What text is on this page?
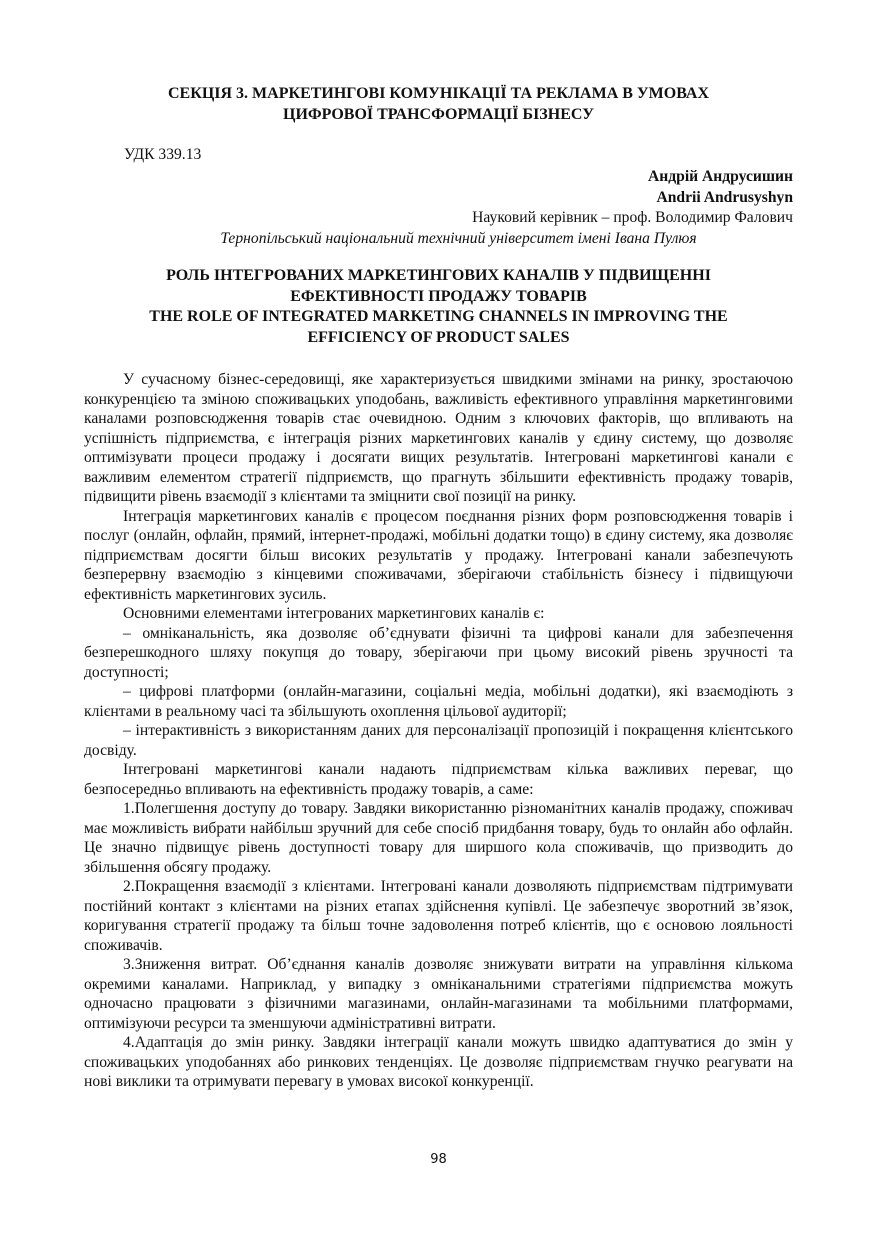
СЕКЦІЯ 3. МАРКЕТИНГОВІ КОМУНІКАЦІЇ ТА РЕКЛАМА В УМОВАХ
ЦИФРОВОЇ ТРАНСФОРМАЦІЇ БІЗНЕСУ
УДК 339.13
Андрій Андрусишин
Andrii Andrusyshyn
Науковий керівник – проф. Володимир Фалович
Тернопільський національний технічний університет імені Івана Пулюя
РОЛЬ ІНТЕГРОВАНИХ МАРКЕТИНГОВИХ КАНАЛІВ У ПІДВИЩЕННІ
ЕФЕКТИВНОСТІ ПРОДАЖУ ТОВАРІВ
THE ROLE OF INTEGRATED MARKETING CHANNELS IN IMPROVING THE
EFFICIENCY OF PRODUCT SALES

У сучасному бізнес-середовищі, яке характеризується швидкими змінами на ринку, зростаючою конкуренцією та зміною споживацьких уподобань, важливість ефективного управління маркетинговими каналами розповсюдження товарів стає очевидною. Одним з ключових факторів, що впливають на успішність підприємства, є інтеграція різних маркетингових каналів у єдину систему, що дозволяє оптимізувати процеси продажу і досягати вищих результатів. Інтегровані маркетингові канали є важливим елементом стратегії підприємств, що прагнуть збільшити ефективність продажу товарів, підвищити рівень взаємодії з клієнтами та зміцнити свої позиції на ринку.

Інтеграція маркетингових каналів є процесом поєднання різних форм розповсюдження товарів і послуг (онлайн, офлайн, прямий, інтернет-продажі, мобільні додатки тощо) в єдину систему, яка дозволяє підприємствам досягти більш високих результатів у продажу. Інтегровані канали забезпечують безперервну взаємодію з кінцевими споживачами, зберігаючи стабільність бізнесу і підвищуючи ефективність маркетингових зусиль.

Основними елементами інтегрованих маркетингових каналів є:

– омніканальність, яка дозволяє об’єднувати фізичні та цифрові канали для забезпечення безперешкодного шляху покупця до товару, зберігаючи при цьому високий рівень зручності та доступності;

– цифрові платформи (онлайн-магазини, соціальні медіа, мобільні додатки), які взаємодіють з клієнтами в реальному часі та збільшують охоплення цільової аудиторії;

– інтерактивність з використанням даних для персоналізації пропозицій і покращення клієнтського досвіду.

Інтегровані маркетингові канали надають підприємствам кілька важливих переваг, що безпосередньо впливають на ефективність продажу товарів, а саме:

1.Полегшення доступу до товару. Завдяки використанню різноманітних каналів продажу, споживач має можливість вибрати найбільш зручний для себе спосіб придбання товару, будь то онлайн або офлайн. Це значно підвищує рівень доступності товару для ширшого кола споживачів, що призводить до збільшення обсягу продажу.

2.Покращення взаємодії з клієнтами. Інтегровані канали дозволяють підприємствам підтримувати постійний контакт з клієнтами на різних етапах здійснення купівлі. Це забезпечує зворотний зв’язок, коригування стратегії продажу та більш точне задоволення потреб клієнтів, що є основою лояльності споживачів.

3.Зниження витрат. Об’єднання каналів дозволяє знижувати витрати на управління кількома окремими каналами. Наприклад, у випадку з омніканальними стратегіями підприємства можуть одночасно працювати з фізичними магазинами, онлайн-магазинами та мобільними платформами, оптимізуючи ресурси та зменшуючи адміністративні витрати.

4.Адаптація до змін ринку. Завдяки інтеграції канали можуть швидко адаптуватися до змін у споживацьких уподобаннях або ринкових тенденціях. Це дозволяє підприємствам гнучко реагувати на нові виклики та отримувати перевагу в умовах високої конкуренції.

98
